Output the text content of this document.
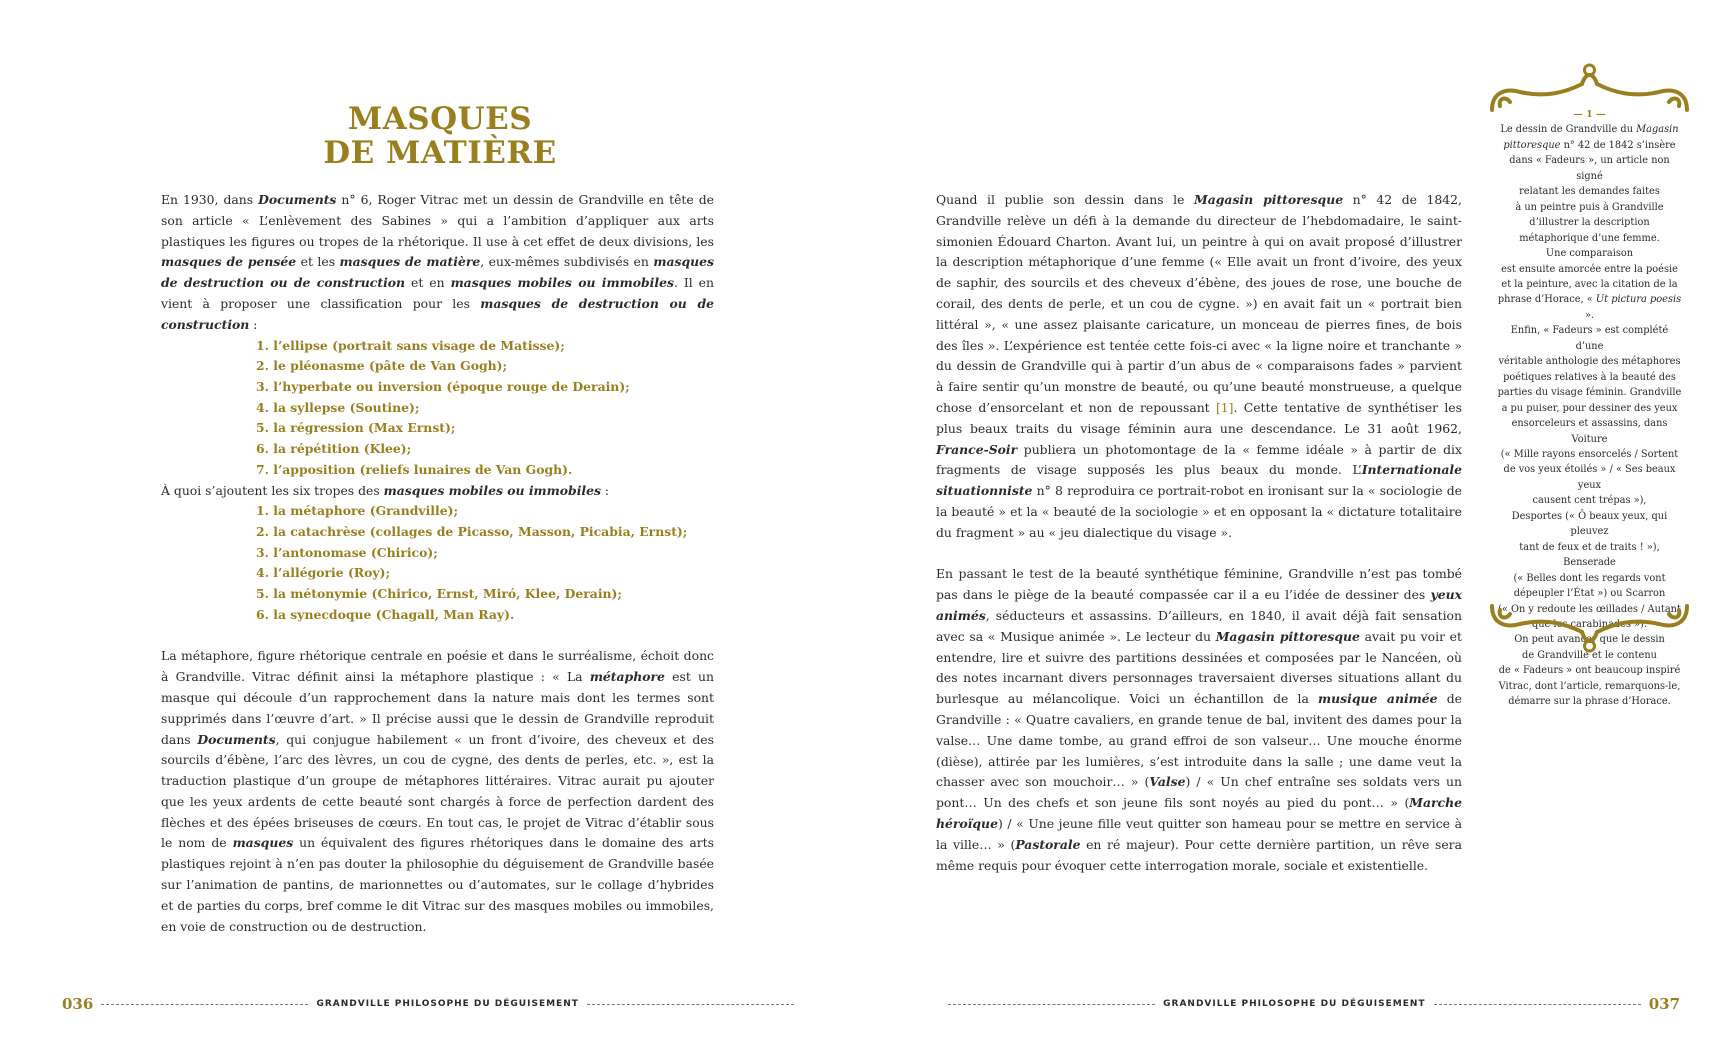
MASQUES
DE MATIÈRE

En 1930, dans Documents n° 6, Roger Vitrac met un dessin de Grandville en tête de son article « L’enlèvement des Sabines » qui a l’ambition d’appliquer aux arts plastiques les figures ou tropes de la rhétorique. Il use à cet effet de deux divisions, les masques de pensée et les masques de matière, eux-mêmes subdivisés en masques de destruction ou de construction et en masques mobiles ou immobiles. Il en vient à proposer une classification pour les masques de destruction ou de construction :

1. l’ellipse (portrait sans visage de Matisse);
2. le pléonasme (pâte de Van Gogh);
3. l’hyperbate ou inversion (époque rouge de Derain);
4. la syllepse (Soutine);
5. la régression (Max Ernst);
6. la répétition (Klee);
7. l’apposition (reliefs lunaires de Van Gogh).

À quoi s’ajoutent les six tropes des masques mobiles ou immobiles :

1. la métaphore (Grandville);
2. la catachrèse (collages de Picasso, Masson, Picabia, Ernst);
3. l’antonomase (Chirico);
4. l’allégorie (Roy);
5. la métonymie (Chirico, Ernst, Miró, Klee, Derain);
6. la synecdoque (Chagall, Man Ray).

La métaphore, figure rhétorique centrale en poésie et dans le surréalisme, échoit donc à Grandville. Vitrac définit ainsi la métaphore plastique : « La métaphore est un masque qui découle d’un rapprochement dans la nature mais dont les termes sont supprimés dans l’œuvre d’art. » Il précise aussi que le dessin de Grandville reproduit dans Documents, qui conjugue habilement « un front d’ivoire, des cheveux et des sourcils d’ébène, l’arc des lèvres, un cou de cygne, des dents de perles, etc. », est la traduction plastique d’un groupe de métaphores littéraires. Vitrac aurait pu ajouter que les yeux ardents de cette beauté sont chargés à force de perfection dardent des flèches et des épées briseuses de cœurs. En tout cas, le projet de Vitrac d’établir sous le nom de masques un équivalent des figures rhétoriques dans le domaine des arts plastiques rejoint à n’en pas douter la philosophie du déguisement de Grandville basée sur l’animation de pantins, de marionnettes ou d’automates, sur le collage d’hybrides et de parties du corps, bref comme le dit Vitrac sur des masques mobiles ou immobiles, en voie de construction ou de destruction.

036	GRANDVILLE PHILOSOPHE DU DÉGUISEMENT

Quand il publie son dessin dans le Magasin pittoresque n° 42 de 1842, Grandville relève un défi à la demande du directeur de l’hebdomadaire, le saint-simonien Édouard Charton. Avant lui, un peintre à qui on avait proposé d’illustrer la description métaphorique d’une femme (« Elle avait un front d’ivoire, des yeux de saphir, des sourcils et des cheveux d’ébène, des joues de rose, une bouche de corail, des dents de perle, et un cou de cygne. ») en avait fait un « portrait bien littéral », « une assez plaisante caricature, un monceau de pierres fines, de bois des îles ». L’expérience est tentée cette fois-ci avec « la ligne noire et tranchante » du dessin de Grandville qui à partir d’un abus de « comparaisons fades » parvient à faire sentir qu’un monstre de beauté, ou qu’une beauté monstrueuse, a quelque chose d’ensorcelant et non de repoussant [1]. Cette tentative de synthétiser les plus beaux traits du visage féminin aura une descendance. Le 31 août 1962, France-Soir publiera un photomontage de la « femme idéale » à partir de dix fragments de visage supposés les plus beaux du monde. L’Internationale situationniste n° 8 reproduira ce portrait-robot en ironisant sur la « sociologie de la beauté » et la « beauté de la sociologie » et en opposant la « dictature totalitaire du fragment » au « jeu dialectique du visage ».

En passant le test de la beauté synthétique féminine, Grandville n’est pas tombé pas dans le piège de la beauté compassée car il a eu l’idée de dessiner des yeux animés, séducteurs et assassins. D’ailleurs, en 1840, il avait déjà fait sensation avec sa « Musique animée ». Le lecteur du Magasin pittoresque avait pu voir et entendre, lire et suivre des partitions dessinées et composées par le Nancéen, où des notes incarnant divers personnages traversaient diverses situations allant du burlesque au mélancolique. Voici un échantillon de la musique animée de Grandville : « Quatre cavaliers, en grande tenue de bal, invitent des dames pour la valse… Une dame tombe, au grand effroi de son valseur… Une mouche énorme (dièse), attirée par les lumières, s’est introduite dans la salle ; une dame veut la chasser avec son mouchoir… » (Valse) / « Un chef entraîne ses soldats vers un pont… Un des chefs et son jeune fils sont noyés au pied du pont… » (Marche héroïque) / « Une jeune fille veut quitter son hameau pour se mettre en service à la ville… » (Pastorale en ré majeur). Pour cette dernière partition, un rêve sera même requis pour évoquer cette interrogation morale, sociale et existentielle.

GRANDVILLE PHILOSOPHE DU DÉGUISEMENT	037
— 1 —
Le dessin de Grandville du Magasin
pittoresque n° 42 de 1842 s’insère
dans « Fadeurs », un article non signé
relatant les demandes faites
à un peintre puis à Grandville
d’illustrer la description
métaphorique d’une femme.
Une comparaison
est ensuite amorcée entre la poésie
et la peinture, avec la citation de la
phrase d’Horace, « Ut pictura poesis ».
Enfin, « Fadeurs » est complété d’une
véritable anthologie des métaphores
poétiques relatives à la beauté des
parties du visage féminin. Grandville
a pu puiser, pour dessiner des yeux
ensorceleurs et assassins, dans Voiture
(« Mille rayons ensorcelés / Sortent
de vos yeux étoilés » / « Ses beaux yeux
causent cent trépas »),
Desportes (« Ô beaux yeux, qui pleuvez
tant de feux et de traits ! »), Benserade
(« Belles dont les regards vont
dépeupler l’État ») ou Scarron
(« On y redoute les œillades / Autant
que les carabinades »).
On peut avancer que le dessin
de Grandville et le contenu
de « Fadeurs » ont beaucoup inspiré
Vitrac, dont l’article, remarquons-le,
démarre sur la phrase d’Horace.
